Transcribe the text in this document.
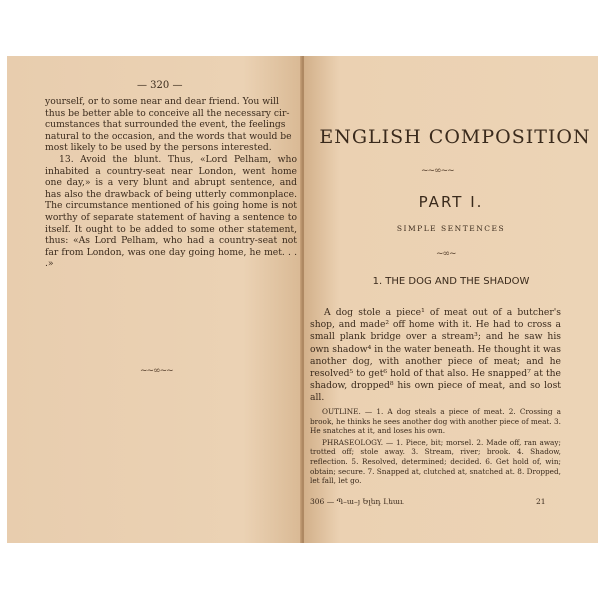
— 320 —

yourself, or to some near and dear friend. You will

thus be better able to conceive all the necessary cir-

cumstances that surrounded the event, the feelings

natural to the occasion, and the words that would be

most likely to be used by the persons interested.

13. Avoid the blunt. Thus, «Lord Pelham, who inhabited a country-seat near London, went home one day,» is a very blunt and abrupt sentence, and has also the drawback of being utterly commonplace. The circumstance mentioned of his going home is not worthy of separate statement of having a sentence to itself. It ought to be added to some other statement, thus: «As Lord Pelham, who had a country-seat not far from London, was one day going home, he met. . . .»

~~∞~~
ENGLISH COMPOSITION
~~∞~~
PART I.
SIMPLE SENTENCES
~∞~
1. THE DOG AND THE SHADOW

A dog stole a piece¹ of meat out of a butcher's shop, and made² off home with it. He had to cross a small plank bridge over a stream³; and he saw his own shadow⁴ in the water beneath. He thought it was another dog, with another piece of meat; and he resolved⁵ to get⁶ hold of that also. He snapped⁷ at the shadow, dropped⁸ his own piece of meat, and so lost all.

OUTLINE. — 1. A dog steals a piece of meat. 2. Crossing a brook, he thinks he sees another dog with another piece of meat. 3. He snatches at it, and loses his own.

PHRASEOLOGY. — 1. Piece, bit; morsel. 2. Made off, ran away; trotted off; stole away. 3. Stream, river; brook. 4. Shadow, reflection. 5. Resolved, determined; decided. 6. Get hold of, win; obtain; secure. 7. Snapped at, clutched at, snatched at. 8. Dropped, let fall, let go.

306 — Պ–ա–յ Ելեդ Լեաւ	21
